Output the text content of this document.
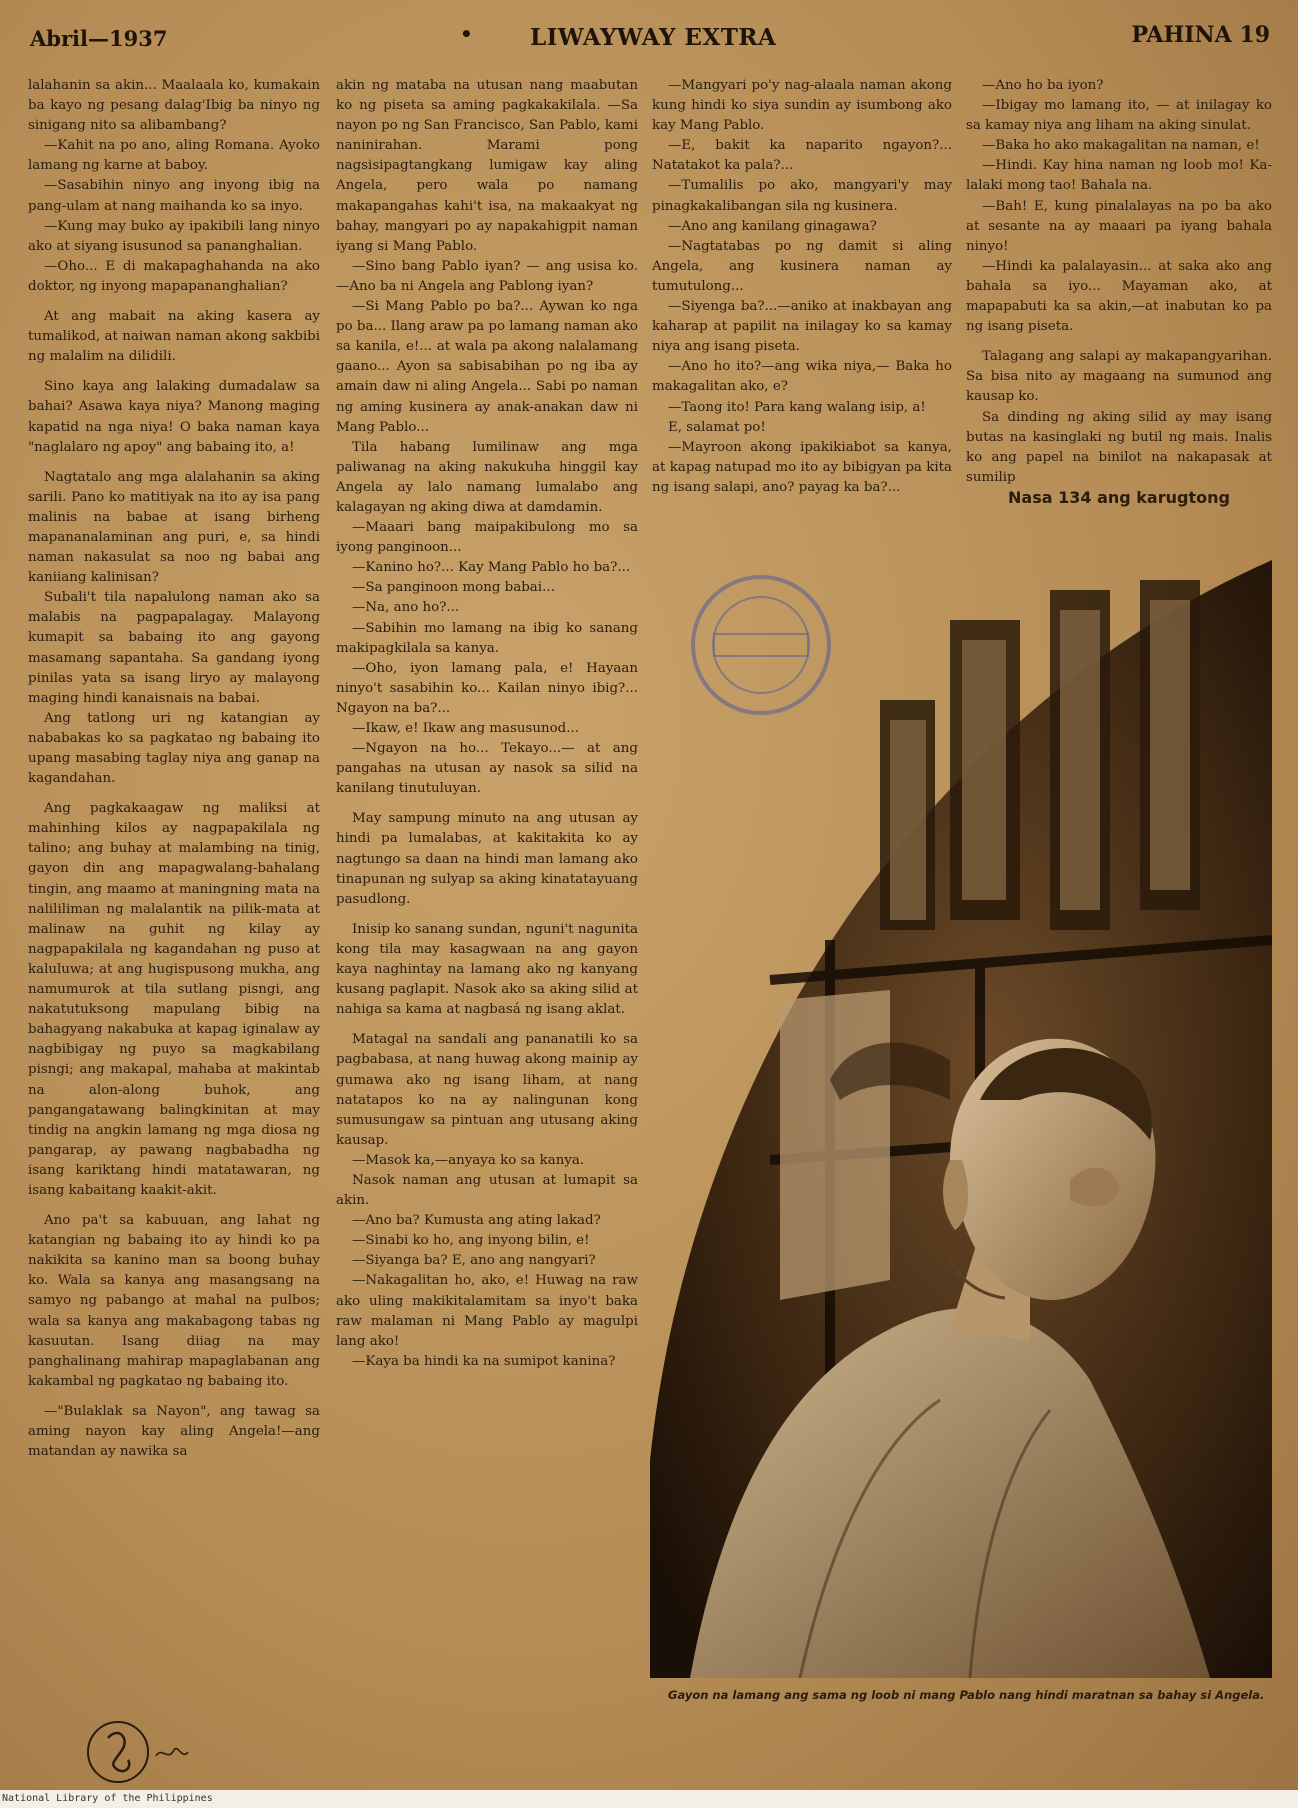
Abril—1937	• LIWAYWAY EXTRA	PAHINA 19

lalahanin sa akin... Maalaala ko, kumakain ba kayo ng pesang dalag'Ibig ba ninyo ng sinigang nito sa alibambang?

—Kahit na po ano, aling Romana. Ayoko lamang ng karne at baboy.

—Sasabihin ninyo ang inyong ibig na pang-ulam at nang maihanda ko sa inyo.

—Kung may buko ay ipakibili lang ninyo ako at siyang isusunod sa pananghalian.

—Oho... E di makapaghahanda na ako doktor, ng inyong mapapananghalian?

At ang mabait na aking kasera ay tumalikod, at naiwan naman akong sakbibi ng malalim na dilidili.

Sino kaya ang lalaking dumadalaw sa bahai? Asawa kaya niya? Manong maging kapatid na nga niya! O baka naman kaya "naglalaro ng apoy" ang babaing ito, a!

Nagtatalo ang mga alalahanin sa aking sarili. Pano ko matitiyak na ito ay isa pang malinis na babae at isang birheng mapananalaminan ang puri, e, sa hindi naman nakasulat sa noo ng babai ang kaniiang kalinisan?

Subali't tila napalulong naman ako sa malabis na pagpapalagay. Malayong kumapit sa babaing ito ang gayong masamang sapantaha. Sa gandang iyong pinilas yata sa isang liryo ay malayong maging hindi kanaisnais na babai.

Ang tatlong uri ng katangian ay nababakas ko sa pagkatao ng babaing ito upang masabing taglay niya ang ganap na kagandahan.

Ang pagkakaagaw ng maliksi at mahinhing kilos ay nagpapakilala ng talino; ang buhay at malambing na tinig, gayon din ang mapagwalang-bahalang tingin, ang maamo at maningning mata na nalililiman ng malalantik na pilik-mata at malinaw na guhit ng kilay ay nagpapakilala ng kagandahan ng puso at kaluluwa; at ang hugispusong mukha, ang namumurok at tila sutlang pisngi, ang nakatutuksong mapulang bibig na bahagyang nakabuka at kapag iginalaw ay nagbibigay ng puyo sa magkabilang pisngi; ang makapal, mahaba at makintab na alon-along buhok, ang pangangatawang balingkinitan at may tindig na angkin lamang ng mga diosa ng pangarap, ay pawang nagbabadha ng isang kariktang hindi matatawaran, ng isang kabaitang kaakit-akit.

Ano pa't sa kabuuan, ang lahat ng katangian ng babaing ito ay hindi ko pa nakikita sa kanino man sa boong buhay ko. Wala sa kanya ang masangsang na samyo ng pabango at mahal na pulbos; wala sa kanya ang makabagong tabas ng kasuutan. Isang diiag na may panghalinang mahirap mapaglabanan ang kakambal ng pagkatao ng babaing ito.

—"Bulaklak sa Nayon", ang tawag sa aming nayon kay aling Angela!—ang matandan ay nawika sa

akin ng mataba na utusan nang maabutan ko ng piseta sa aming pagkakakilala. —Sa nayon po ng San Francisco, San Pablo, kami naninirahan. Marami pong nagsisipagtangkang lumigaw kay aling Angela, pero wala po namang makapangahas kahi't isa, na makaakyat ng bahay, mangyari po ay napakahigpit naman iyang si Mang Pablo.

—Sino bang Pablo iyan? — ang usisa ko. —Ano ba ni Angela ang Pablong iyan?

—Si Mang Pablo po ba?... Aywan ko nga po ba... Ilang araw pa po lamang naman ako sa kanila, e!... at wala pa akong nalalamang gaano... Ayon sa sabisabihan po ng iba ay amain daw ni aling Angela... Sabi po naman ng aming kusinera ay anak-anakan daw ni Mang Pablo...

Tila habang lumilinaw ang mga paliwanag na aking nakukuha hinggil kay Angela ay lalo namang lumalabo ang kalagayan ng aking diwa at damdamin.

—Maaari bang maipakibulong mo sa iyong panginoon...

—Kanino ho?... Kay Mang Pablo ho ba?...

—Sa panginoon mong babai...

—Na, ano ho?...

—Sabihin mo lamang na ibig ko sanang makipagkilala sa kanya.

—Oho, iyon lamang pala, e! Hayaan ninyo't sasabihin ko... Kailan ninyo ibig?... Ngayon na ba?...

—Ikaw, e! Ikaw ang masusunod...

—Ngayon na ho... Tekayo...— at ang pangahas na utusan ay nasok sa silid na kanilang tinutuluyan.

May sampung minuto na ang utusan ay hindi pa lumalabas, at kakitakita ko ay nagtungo sa daan na hindi man lamang ako tinapunan ng sulyap sa aking kinatatayuang pasudlong.

Inisip ko sanang sundan, nguni't nagunita kong tila may kasagwaan na ang gayon kaya naghintay na lamang ako ng kanyang kusang paglapit. Nasok ako sa aking silid at nahiga sa kama at nagbasá ng isang aklat.

Matagal na sandali ang pananatili ko sa pagbabasa, at nang huwag akong mainip ay gumawa ako ng isang liham, at nang natatapos ko na ay nalingunan kong sumusungaw sa pintuan ang utusang aking kausap.

—Masok ka,—anyaya ko sa kanya.

Nasok naman ang utusan at lumapit sa akin.

—Ano ba? Kumusta ang ating lakad?

—Sinabi ko ho, ang inyong bilin, e!

—Siyanga ba? E, ano ang nangyari?

—Nakagalitan ho, ako, e! Huwag na raw ako uling makikitalamitam sa inyo't baka raw malaman ni Mang Pablo ay magulpi lang ako!

—Kaya ba hindi ka na sumipot kanina?

—Mangyari po'y nag-alaala naman akong kung hindi ko siya sundin ay isumbong ako kay Mang Pablo.

—E, bakit ka naparito ngayon?... Natatakot ka pala?...

—Tumalilis po ako, mangyari'y may pinagkakalibangan sila ng kusinera.

—Ano ang kanilang ginagawa?

—Nagtatabas po ng damit si aling Angela, ang kusinera naman ay tumutulong...

—Siyenga ba?...—aniko at inakbayan ang kaharap at papilit na inilagay ko sa kamay niya ang isang piseta.

—Ano ho ito?—ang wika niya,— Baka ho makagalitan ako, e?

—Taong ito! Para kang walang isip, a!

E, salamat po!

—Mayroon akong ipakikiabot sa kanya, at kapag natupad mo ito ay bibigyan pa kita ng isang salapi, ano? payag ka ba?...

—Ano ho ba iyon?

—Ibigay mo lamang ito, — at inilagay ko sa kamay niya ang liham na aking sinulat.

—Baka ho ako makagalitan na naman, e!

—Hindi. Kay hina naman ng loob mo! Ka-lalaki mong tao! Bahala na.

—Bah! E, kung pinalalayas na po ba ako at sesante na ay maaari pa iyang bahala ninyo!

—Hindi ka palalayasin... at saka ako ang bahala sa iyo... Mayaman ako, at mapapabuti ka sa akin,—at inabutan ko pa ng isang piseta.

Talagang ang salapi ay makapangyarihan. Sa bisa nito ay magaang na sumunod ang kausap ko.

Sa dinding ng aking silid ay may isang butas na kasinglaki ng butil ng mais. Inalis ko ang papel na binilot na nakapasak at sumilip

Nasa 134 ang karugtong

Gayon na lamang ang sama ng loob ni mang Pablo nang hindi maratnan sa bahay si Angela.
National Library of the Philippines
